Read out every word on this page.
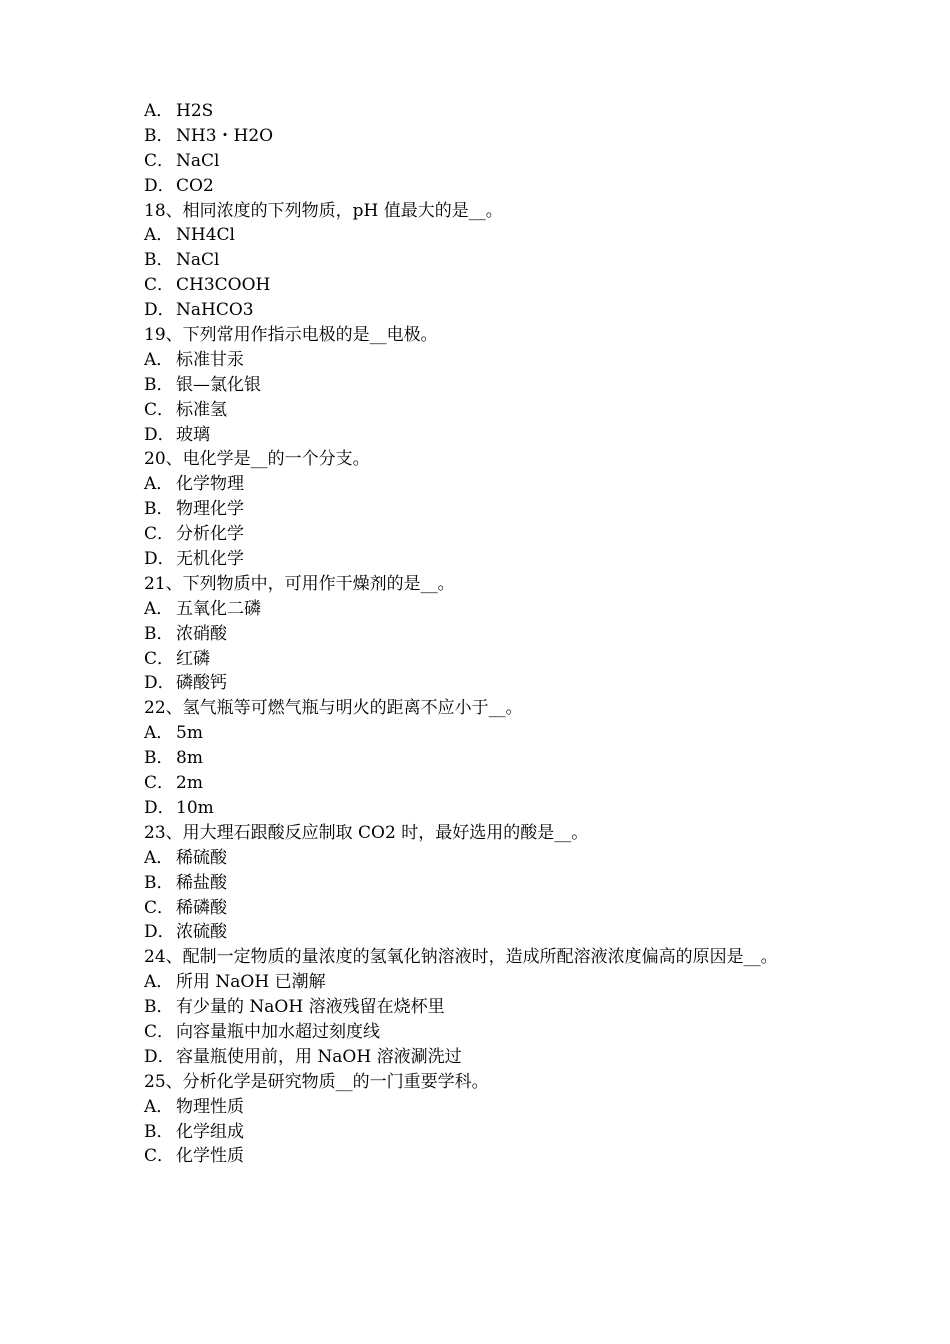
A． H2S
B． NH3・H2O
C． NaCl
D．CO2
18、相同浓度的下列物质，pH 值最大的是__。
A． NH4Cl
B． NaCl
C． CH3COOH
D．NaHCO3
19、下列常用作指示电极的是__电极。
A． 标准甘汞
B． 银—氯化银
C． 标准氢
D．玻璃
20、电化学是__的一个分支。
A． 化学物理
B． 物理化学
C． 分析化学
D．无机化学
21、下列物质中，可用作干燥剂的是__。
A． 五氧化二磷
B． 浓硝酸
C． 红磷
D．磷酸钙
22、氢气瓶等可燃气瓶与明火的距离不应小于__。
A． 5m
B． 8m
C． 2m
D．10m
23、用大理石跟酸反应制取 CO2 时，最好选用的酸是__。
A． 稀硫酸
B． 稀盐酸
C． 稀磷酸
D．浓硫酸
24、配制一定物质的量浓度的氢氧化钠溶液时，造成所配溶液浓度偏高的原因是__。
A． 所用 NaOH 已潮解
B． 有少量的 NaOH 溶液残留在烧杯里
C． 向容量瓶中加水超过刻度线
D．容量瓶使用前，用 NaOH 溶液涮洗过
25、分析化学是研究物质__的一门重要学科。
A． 物理性质
B． 化学组成
C． 化学性质
